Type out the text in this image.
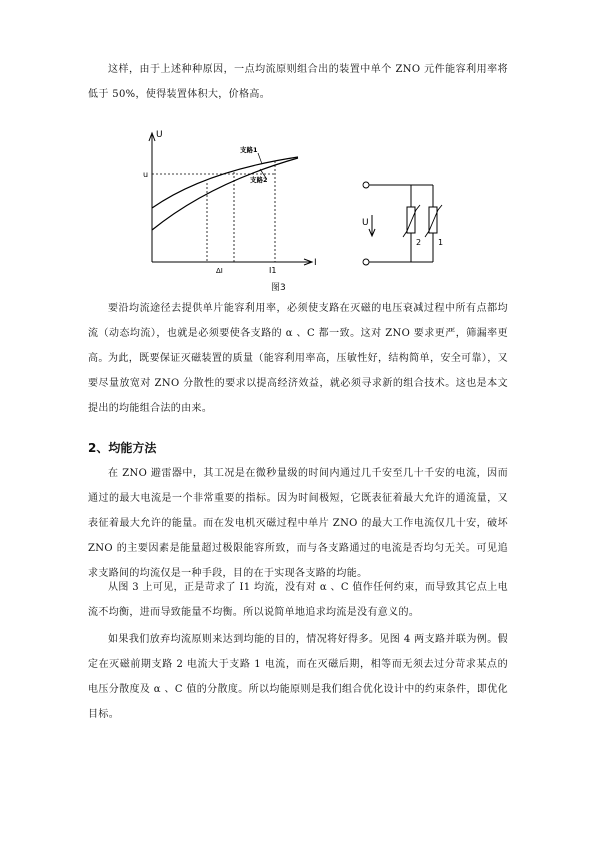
这样，由于上述种种原因，一点均流原则组合出的装置中单个 ZNO 元件能容利用率将低于 50%，使得装置体积大，价格高。

U
I
u
ΔI	I1
支路1
支路2
2 1
U
图3

要沿均流途径去提供单片能容利用率，必须使支路在灭磁的电压衰减过程中所有点都均流（动态均流），也就是必须要使各支路的 α 、C 都一致。这对 ZNO 要求更严，筛漏率更高。 为此，既要保证灭磁装置的质量（能容利用率高，压敏性好，结构简单，安全可靠），又要尽量放宽对 ZNO 分散性的要求以提高经济效益，就必须寻求新的组合技术。这也是本文提出的均能组合法的由来。

2、均能方法

在 ZNO 避雷器中，其工况是在微秒量级的时间内通过几千安至几十千安的电流，因而通过的最大电流是一个非常重要的指标。因为时间极短，它既表征着最大允许的通流量，又表征着最大允许的能量。而在发电机灭磁过程中单片 ZNO 的最大工作电流仅几十安，破坏 ZNO 的主要因素是能量超过极限能容所致，而与各支路通过的电流是否均匀无关。可见追求支路间的均流仅是一种手段，目的在于实现各支路的均能。

从图 3 上可见，正是苛求了 I1 均流，没有对 α 、C 值作任何约束，而导致其它点上电流不均衡，进而导致能量不均衡。所以说简单地追求均流是没有意义的。

如果我们放弃均流原则来达到均能的目的，情况将好得多。见图 4 两支路并联为例。假定在灭磁前期支路 2 电流大于支路 1 电流，而在灭磁后期，相等而无须去过分苛求某点的电压分散度及 α 、C 值的分散度。所以均能原则是我们组合优化设计中的约束条件，即优化目标。
